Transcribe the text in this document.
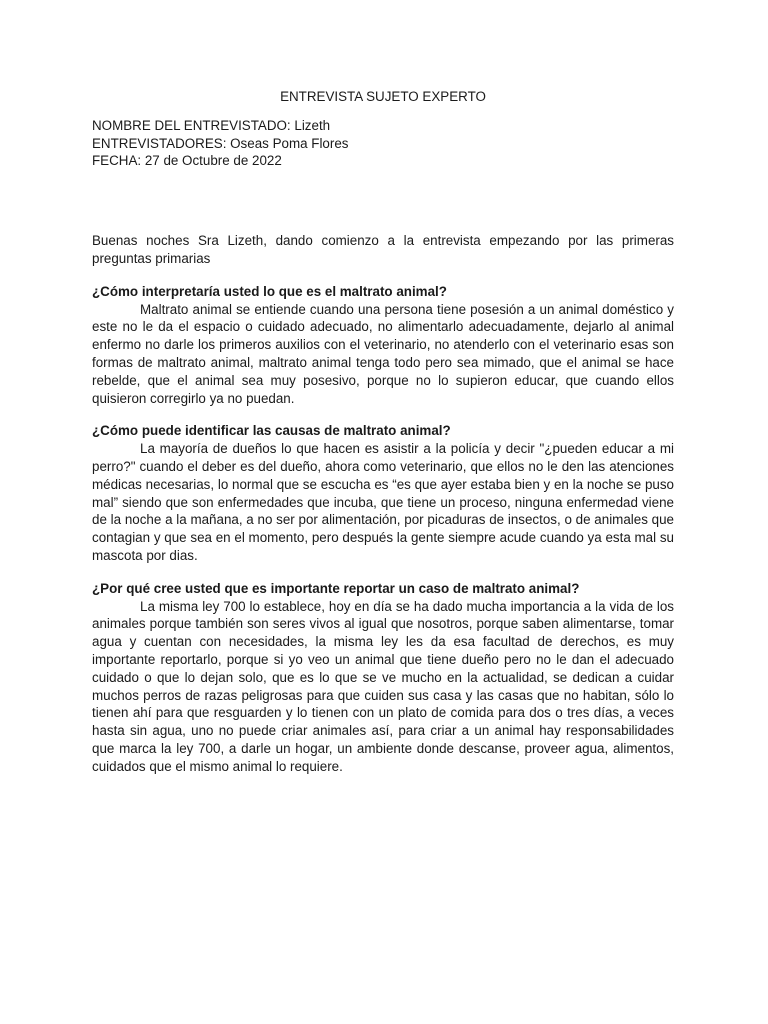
ENTREVISTA SUJETO EXPERTO

NOMBRE DEL ENTREVISTADO: Lizeth

ENTREVISTADORES: Oseas Poma Flores

FECHA: 27 de Octubre de 2022

Buenas noches Sra Lizeth, dando comienzo a la entrevista empezando por las primeras preguntas primarias

¿Cómo interpretaría usted lo que es el maltrato animal?

Maltrato animal se entiende cuando una persona tiene posesión a un animal doméstico y este no le da el espacio o cuidado adecuado, no alimentarlo adecuadamente, dejarlo al animal enfermo no darle los primeros auxilios con el veterinario, no atenderlo con el veterinario esas son formas de maltrato animal, maltrato animal tenga todo pero sea mimado, que el animal se hace rebelde, que el animal sea muy posesivo, porque no lo supieron educar, que cuando ellos quisieron corregirlo ya no puedan.

¿Cómo puede identificar las causas de maltrato animal?

La mayoría de dueños lo que hacen es asistir a la policía y decir "¿pueden educar a mi perro?" cuando el deber es del dueño, ahora como veterinario, que ellos no le den las atenciones médicas necesarias, lo normal que se escucha es “es que ayer estaba bien y en la noche se puso mal” siendo que son enfermedades que incuba, que tiene un proceso, ninguna enfermedad viene de la noche a la mañana, a no ser por alimentación, por picaduras de insectos, o de animales que contagian y que sea en el momento, pero después la gente siempre acude cuando ya esta mal su mascota por dias.

¿Por qué cree usted que es importante reportar un caso de maltrato animal?

La misma ley 700 lo establece, hoy en día se ha dado mucha importancia a la vida de los animales porque también son seres vivos al igual que nosotros, porque saben alimentarse, tomar agua y cuentan con necesidades, la misma ley les da esa facultad de derechos, es muy importante reportarlo, porque si yo veo un animal que tiene dueño pero no le dan el adecuado cuidado o que lo dejan solo, que es lo que se ve mucho en la actualidad, se dedican a cuidar muchos perros de razas peligrosas para que cuiden sus casa y las casas que no habitan, sólo lo tienen ahí para que resguarden y lo tienen con un plato de comida para dos o tres días, a veces hasta sin agua, uno no puede criar animales así, para criar a un animal hay responsabilidades que marca la ley 700, a darle un hogar, un ambiente donde descanse, proveer agua, alimentos, cuidados que el mismo animal lo requiere.
